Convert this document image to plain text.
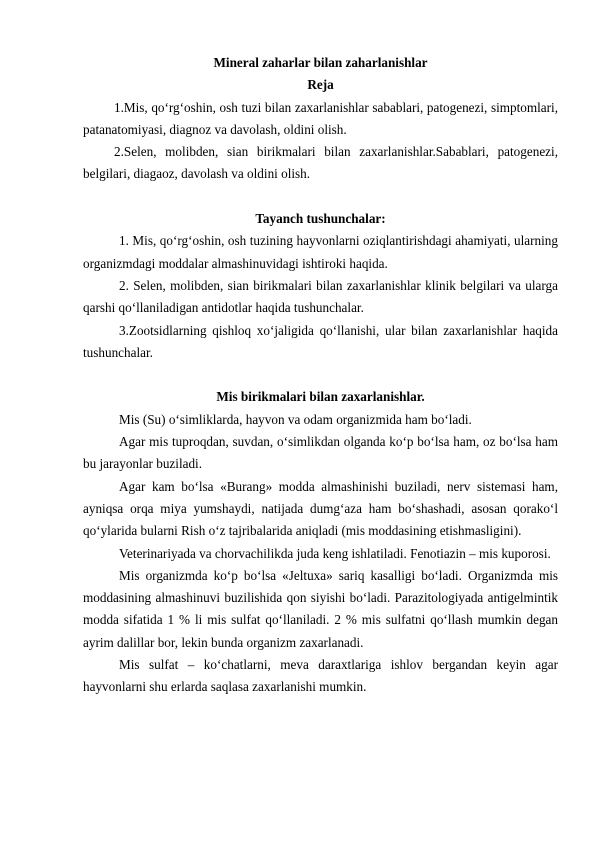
Mineral zaharlar bilan zaharlanishlar

Reja

1.Mis, qo‘rg‘oshin, osh tuzi bilan zaxarlanishlar sabablari, patogenezi, simptomlari, patanatomiyasi, diagnoz va davolash, oldini olish.

2.Selen, molibden, sian birikmalari bilan zaxarlanishlar.Sabablari, patogenezi, belgilari, diagaoz, davolash va oldini olish.

Tayanch tushunchalar:

1. Mis, qo‘rg‘oshin, osh tuzining hayvonlarni oziqlantirishdagi ahamiyati, ularning organizmdagi moddalar almashinuvidagi ishtiroki haqida.

2. Selen, molibden, sian birikmalari bilan zaxarlanishlar klinik belgilari va ularga qarshi qo‘llaniladigan antidotlar haqida tushunchalar.

3.Zootsidlarning qishloq xo‘jaligida qo‘llanishi, ular bilan zaxarlanishlar haqida tushunchalar.

Mis birikmalari bilan zaxarlanishlar.

Mis (Su) o‘simliklarda, hayvon va odam organizmida ham bo‘ladi.

Agar mis tuproqdan, suvdan, o‘simlikdan olganda ko‘p bo‘lsa ham, oz bo‘lsa ham bu jarayonlar buziladi.

Agar kam bo‘lsa «Burang» modda almashinishi buziladi, nerv sistemasi ham, ayniqsa orqa miya yumshaydi, natijada dumg‘aza ham bo‘shashadi, asosan qorako‘l qo‘ylarida bularni Rish o‘z tajribalarida aniqladi (mis moddasining etishmasligini).

Veterinariyada va chorvachilikda juda keng ishlatiladi. Fenotiazin – mis kuporosi.

Mis organizmda ko‘p bo‘lsa «Jeltuxa» sariq kasalligi bo‘ladi. Organizmda mis moddasining almashinuvi buzilishida qon siyishi bo‘ladi. Parazitologiyada antigelmintik modda sifatida 1 % li mis sulfat qo‘llaniladi. 2 % mis sulfatni qo‘llash mumkin degan ayrim dalillar bor, lekin bunda organizm zaxarlanadi.

Mis sulfat – ko‘chatlarni, meva daraxtlariga ishlov bergandan keyin agar hayvonlarni shu erlarda saqlasa zaxarlanishi mumkin.
